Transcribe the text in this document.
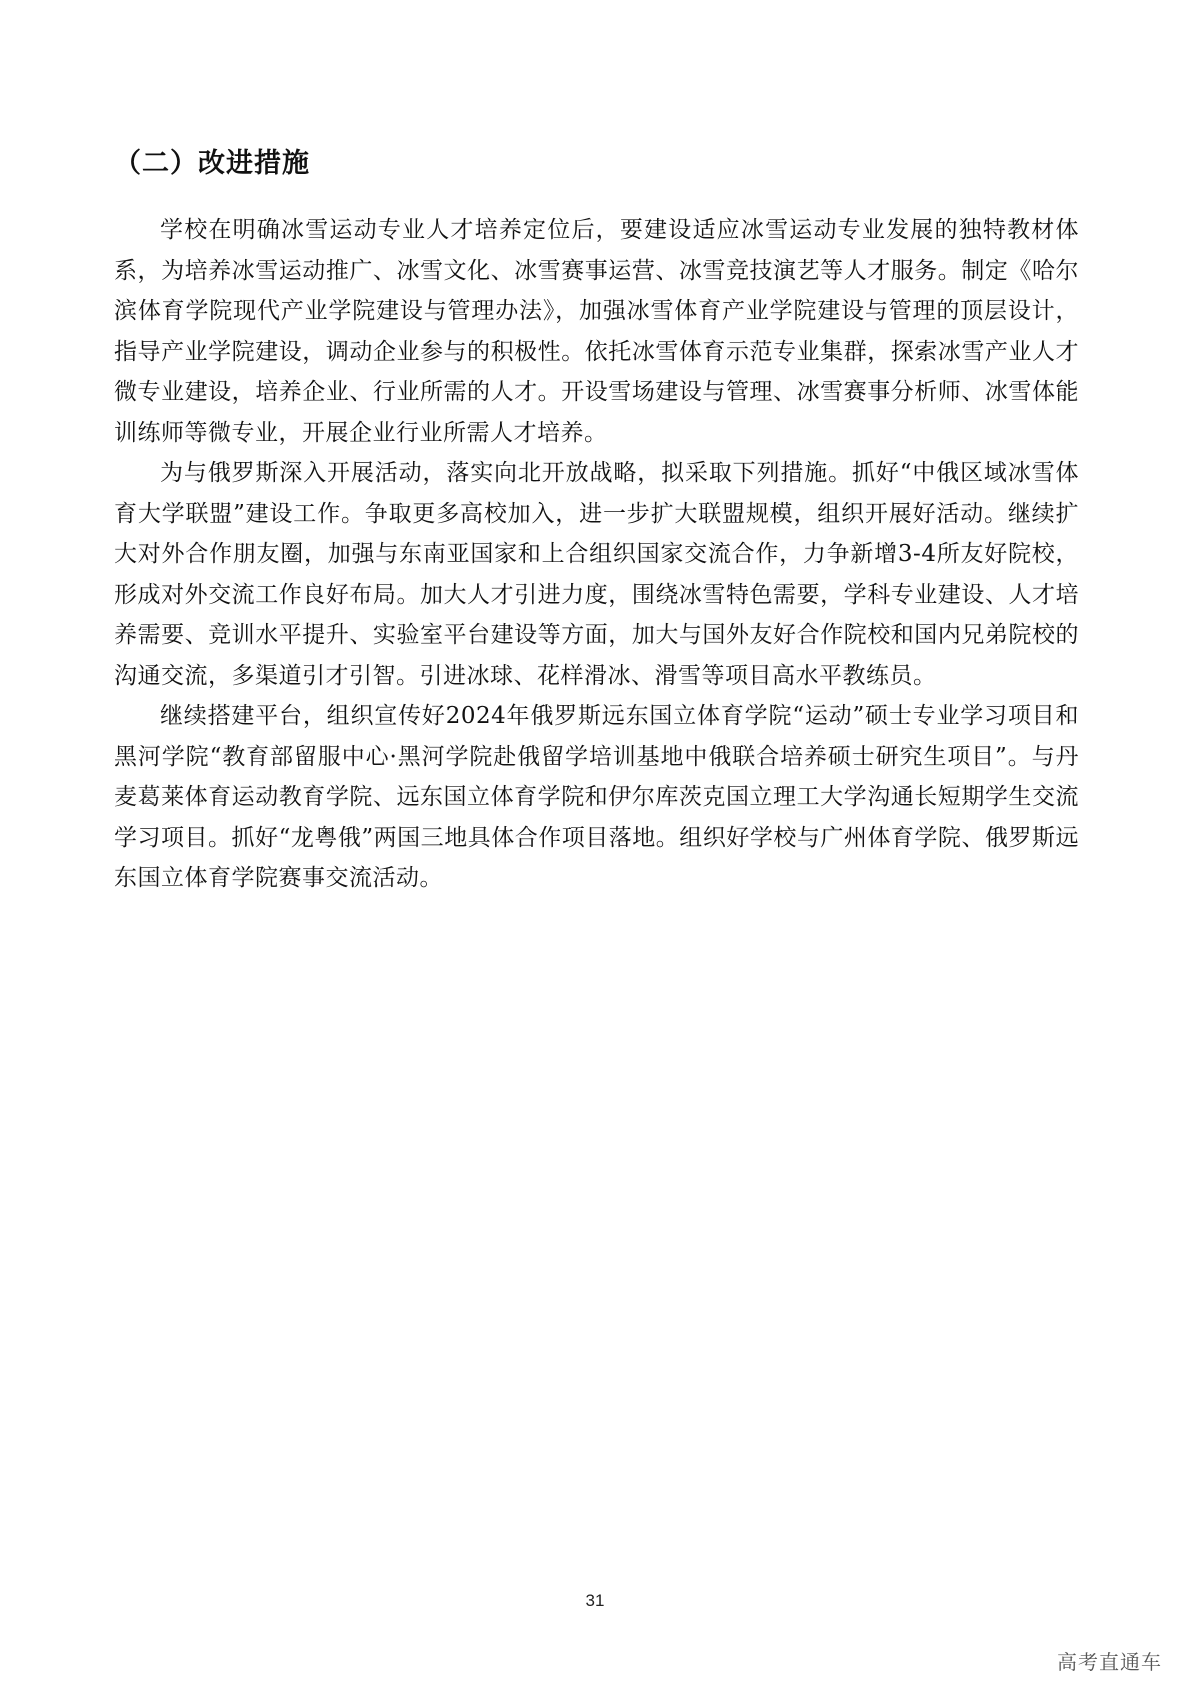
（二）改进措施

学校在明确冰雪运动专业人才培养定位后，要建设适应冰雪运动专业发展的独特教材体系，为培养冰雪运动推广、冰雪文化、冰雪赛事运营、冰雪竞技演艺等人才服务。制定《哈尔滨体育学院现代产业学院建设与管理办法》，加强冰雪体育产业学院建设与管理的顶层设计，指导产业学院建设，调动企业参与的积极性。依托冰雪体育示范专业集群，探索冰雪产业人才微专业建设，培养企业、行业所需的人才。开设雪场建设与管理、冰雪赛事分析师、冰雪体能训练师等微专业，开展企业行业所需人才培养。

为与俄罗斯深入开展活动，落实向北开放战略，拟采取下列措施。抓好“中俄区域冰雪体育大学联盟”建设工作。争取更多高校加入，进一步扩大联盟规模，组织开展好活动。继续扩大对外合作朋友圈，加强与东南亚国家和上合组织国家交流合作，力争新增3-4所友好院校，形成对外交流工作良好布局。加大人才引进力度，围绕冰雪特色需要，学科专业建设、人才培养需要、竞训水平提升、实验室平台建设等方面，加大与国外友好合作院校和国内兄弟院校的沟通交流，多渠道引才引智。引进冰球、花样滑冰、滑雪等项目高水平教练员。

继续搭建平台，组织宣传好2024年俄罗斯远东国立体育学院“运动”硕士专业学习项目和黑河学院“教育部留服中心·黑河学院赴俄留学培训基地中俄联合培养硕士研究生项目”。与丹麦葛莱体育运动教育学院、远东国立体育学院和伊尔库茨克国立理工大学沟通长短期学生交流学习项目。抓好“龙粤俄”两国三地具体合作项目落地。组织好学校与广州体育学院、俄罗斯远东国立体育学院赛事交流活动。

31
高考直通车
